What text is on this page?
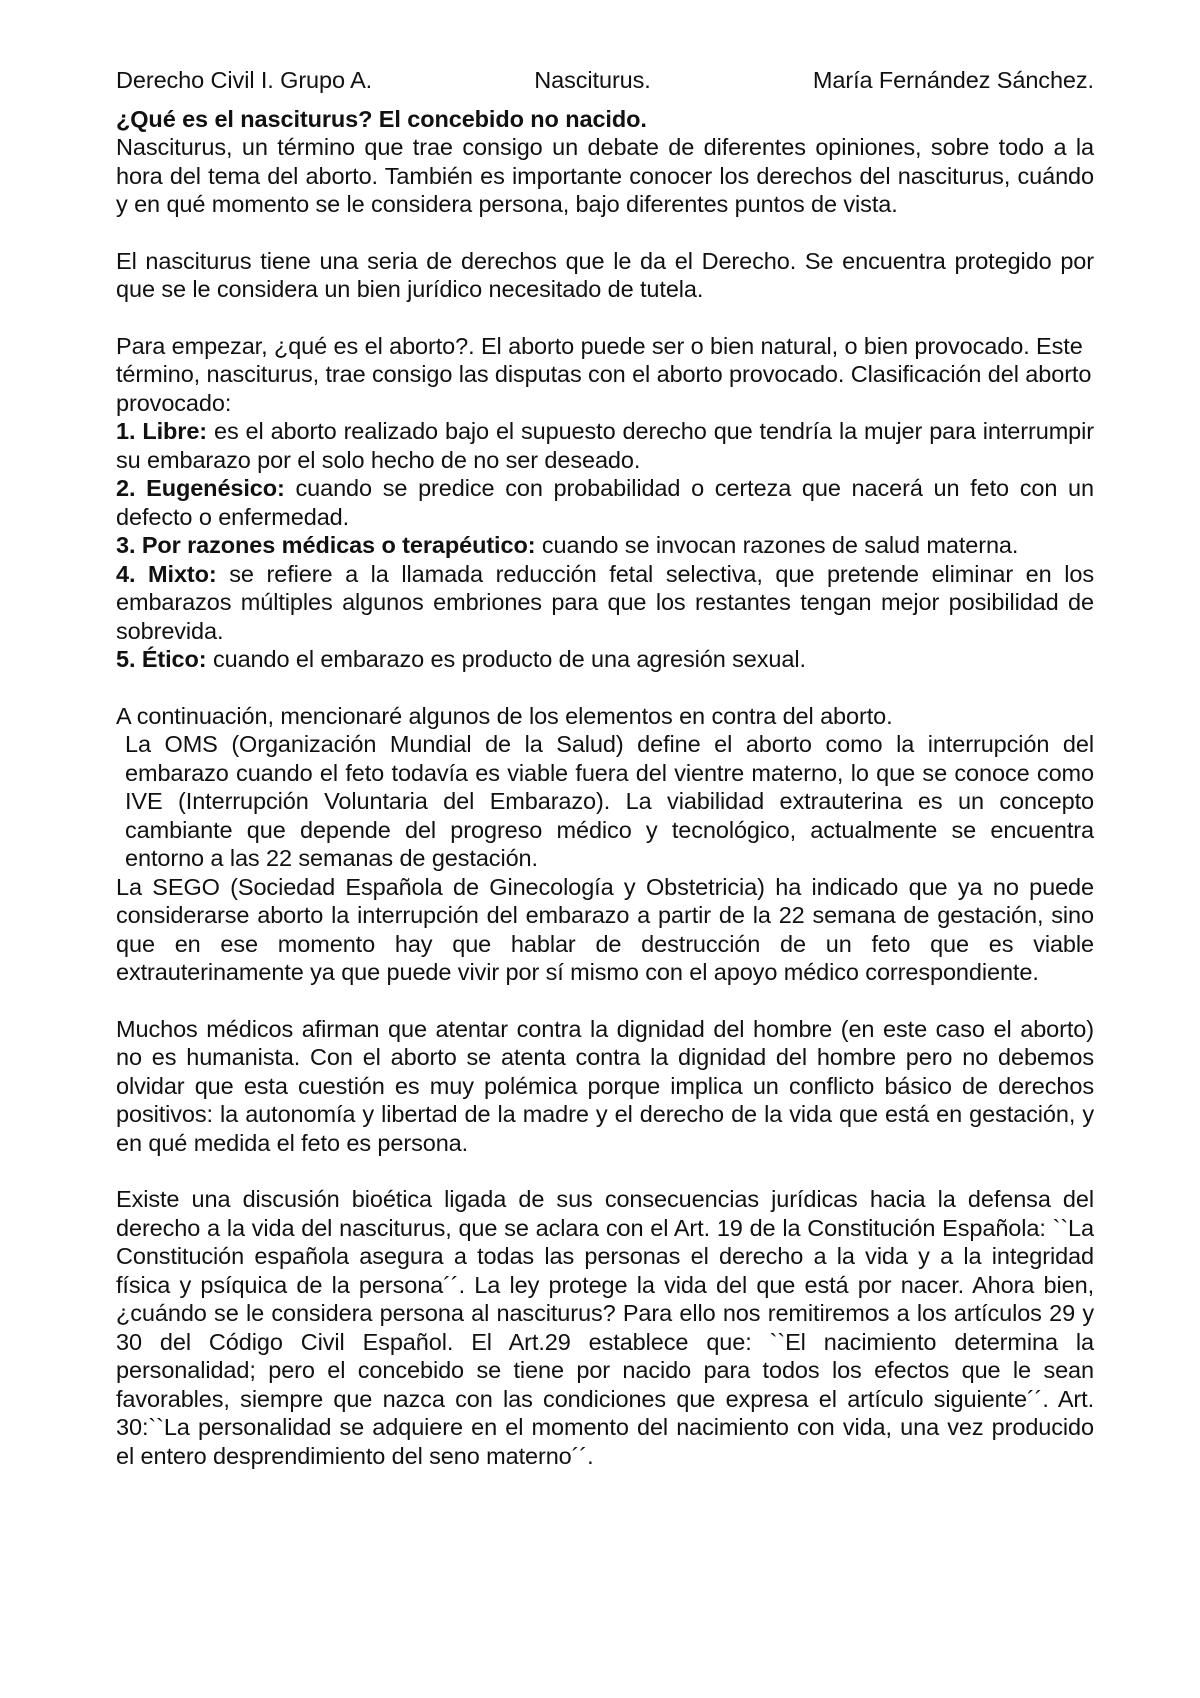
Derecho Civil I. Grupo A.	Nasciturus.	María Fernández Sánchez.
¿Qué es el nasciturus? El concebido no nacido.

Nasciturus, un término que trae consigo un debate de diferentes opiniones, sobre todo a la hora del tema del aborto. También es importante conocer los derechos del nasciturus, cuándo y en qué momento se le considera persona, bajo diferentes puntos de vista.

El nasciturus tiene una seria de derechos que le da el Derecho. Se encuentra protegido por que se le considera un bien jurídico necesitado de tutela.

Para empezar, ¿qué es el aborto?. El aborto puede ser o bien natural, o bien provocado. Este término, nasciturus, trae consigo las disputas con el aborto provocado. Clasificación del aborto provocado:

1. Libre: es el aborto realizado bajo el supuesto derecho que tendría la mujer para interrumpir su embarazo por el solo hecho de no ser deseado.

2. Eugenésico: cuando se predice con probabilidad o certeza que nacerá un feto con un defecto o enfermedad.

3. Por razones médicas o terapéutico: cuando se invocan razones de salud materna.

4. Mixto: se refiere a la llamada reducción fetal selectiva, que pretende eliminar en los embarazos múltiples algunos embriones para que los restantes tengan mejor posibilidad de sobrevida.

5. Ético: cuando el embarazo es producto de una agresión sexual.

A continuación, mencionaré algunos de los elementos en contra del aborto.

La OMS (Organización Mundial de la Salud) define el aborto como la interrupción del embarazo cuando el feto todavía es viable fuera del vientre materno, lo que se conoce como IVE (Interrupción Voluntaria del Embarazo). La viabilidad extrauterina es un concepto cambiante que depende del progreso médico y tecnológico, actualmente se encuentra entorno a las 22 semanas de gestación.

La SEGO (Sociedad Española de Ginecología y Obstetricia) ha indicado que ya no puede considerarse aborto la interrupción del embarazo a partir de la 22 semana de gestación, sino que en ese momento hay que hablar de destrucción de un feto que es viable extrauterinamente ya que puede vivir por sí mismo con el apoyo médico correspondiente.

Muchos médicos afirman que atentar contra la dignidad del hombre (en este caso el aborto) no es humanista. Con el aborto se atenta contra la dignidad del hombre pero no debemos olvidar que esta cuestión es muy polémica porque implica un conflicto básico de derechos positivos: la autonomía y libertad de la madre y el derecho de la vida que está en gestación, y en qué medida el feto es persona.

Existe una discusión bioética ligada de sus consecuencias jurídicas hacia la defensa del derecho a la vida del nasciturus, que se aclara con el Art. 19 de la Constitución Española: ``La Constitución española asegura a todas las personas el derecho a la vida y a la integridad física y psíquica de la persona´´. La ley protege la vida del que está por nacer. Ahora bien, ¿cuándo se le considera persona al nasciturus? Para ello nos remitiremos a los artículos 29 y 30 del Código Civil Español. El Art.29 establece que: ``El nacimiento determina la personalidad; pero el concebido se tiene por nacido para todos los efectos que le sean favorables, siempre que nazca con las condiciones que expresa el artículo siguiente´´. Art. 30:``La personalidad se adquiere en el momento del nacimiento con vida, una vez producido el entero desprendimiento del seno materno´´.
